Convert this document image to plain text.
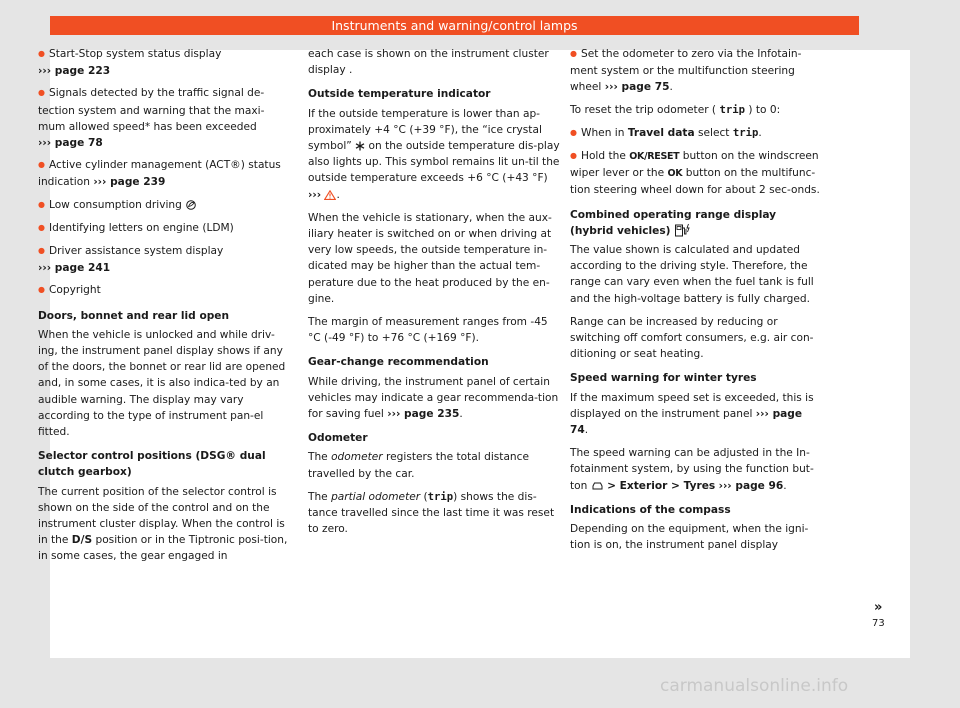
Instruments and warning/control lamps
● Start-Stop system status display
››› page 223
● Signals detected by the traffic signal de-tection system and warning that the maxi-mum allowed speed* has been exceeded
››› page 78
● Active cylinder management (ACT®) status indication ››› page 239
● Low consumption driving
● Identifying letters on engine (LDM)
● Driver assistance system display
››› page 241
● Copyright
Doors, bonnet and rear lid open

When the vehicle is unlocked and while driv-ing, the instrument panel display shows if any of the doors, the bonnet or rear lid are opened and, in some cases, it is also indica-ted by an audible warning. The display may vary according to the type of instrument pan-el fitted.

Selector control positions (DSG® dual clutch gearbox)

The current position of the selector control is shown on the side of the control and on the instrument cluster display. When the control is in the D/S position or in the Tiptronic posi-tion, in some cases, the gear engaged in

each case is shown on the instrument cluster display .

Outside temperature indicator

If the outside temperature is lower than ap-proximately +4 °C (+39 °F), the “ice crystal symbol” on the outside temperature dis-play also lights up. This symbol remains lit un-til the outside temperature exceeds +6 °C (+43 °F) ››› .

When the vehicle is stationary, when the aux-iliary heater is switched on or when driving at very low speeds, the outside temperature in-dicated may be higher than the actual tem-perature due to the heat produced by the en-gine.

The margin of measurement ranges from -45 °C (-49 °F) to +76 °C (+169 °F).

Gear-change recommendation

While driving, the instrument panel of certain vehicles may indicate a gear recommenda-tion for saving fuel ››› page 235.

Odometer

The odometer registers the total distance travelled by the car.

The partial odometer (trip) shows the dis-tance travelled since the last time it was reset to zero.

● Set the odometer to zero via the Infotain-ment system or the multifunction steering wheel ››› page 75.

To reset the trip odometer ( trip ) to 0:

● When in Travel data select trip.
● Hold the OK/RESET button on the windscreen wiper lever or the OK button on the multifunc-tion steering wheel down for about 2 sec-onds.
Combined operating range display (hybrid vehicles)

The value shown is calculated and updated according to the driving style. Therefore, the range can vary even when the fuel tank is full and the high-voltage battery is fully charged.

Range can be increased by reducing or switching off comfort consumers, e.g. air con-ditioning or seat heating.

Speed warning for winter tyres

If the maximum speed set is exceeded, this is displayed on the instrument panel ››› page 74.

The speed warning can be adjusted in the In-fotainment system, by using the function but-ton > Exterior > Tyres ››› page 96.

Indications of the compass

Depending on the equipment, when the igni-tion is on, the instrument panel display

»
73
carmanualsonline.info
